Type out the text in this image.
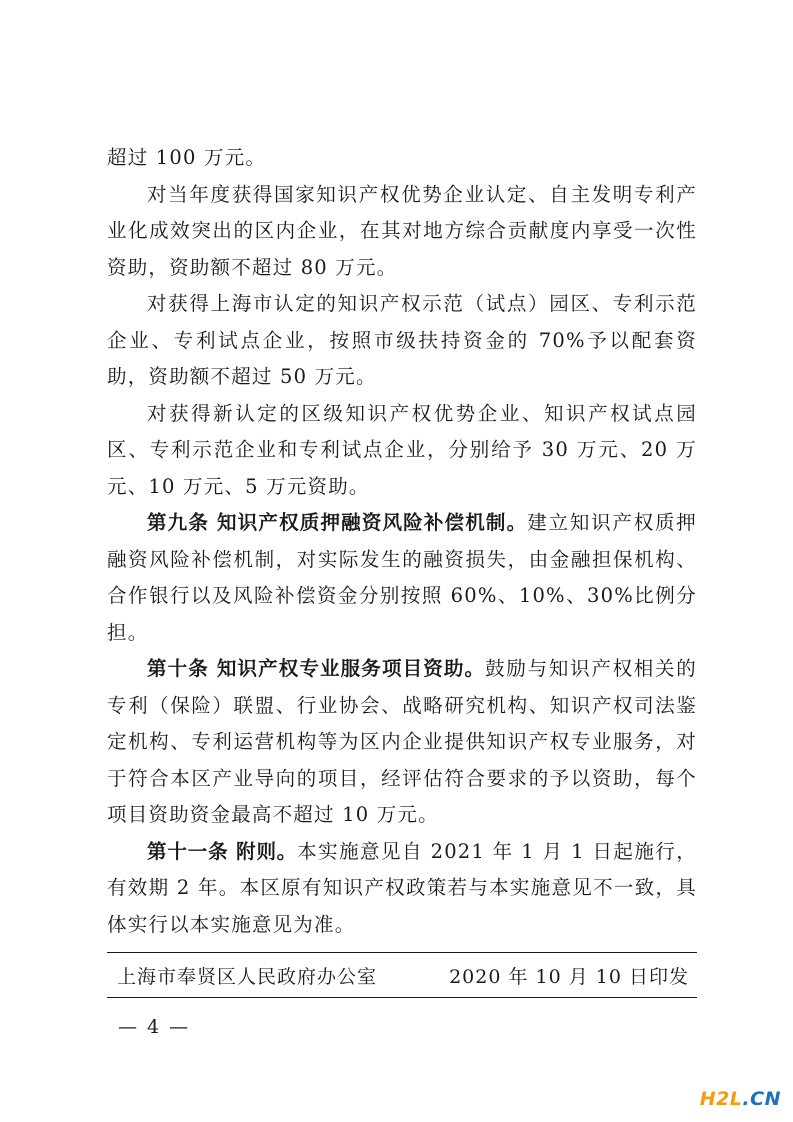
超过 100 万元。

对当年度获得国家知识产权优势企业认定、自主发明专利产业化成效突出的区内企业，在其对地方综合贡献度内享受一次性资助，资助额不超过 80 万元。

对获得上海市认定的知识产权示范（试点）园区、专利示范企业、专利试点企业，按照市级扶持资金的 70%予以配套资助，资助额不超过 50 万元。

对获得新认定的区级知识产权优势企业、知识产权试点园区、专利示范企业和专利试点企业，分别给予 30 万元、20 万元、10 万元、5 万元资助。

第九条 知识产权质押融资风险补偿机制。建立知识产权质押融资风险补偿机制，对实际发生的融资损失，由金融担保机构、合作银行以及风险补偿资金分别按照 60%、10%、30%比例分担。

第十条 知识产权专业服务项目资助。鼓励与知识产权相关的专利（保险）联盟、行业协会、战略研究机构、知识产权司法鉴定机构、专利运营机构等为区内企业提供知识产权专业服务，对于符合本区产业导向的项目，经评估符合要求的予以资助，每个项目资助资金最高不超过 10 万元。

第十一条 附则。本实施意见自 2021 年 1 月 1 日起施行，有效期 2 年。本区原有知识产权政策若与本实施意见不一致，具体实行以本实施意见为准。

上海市奉贤区人民政府办公室	2020 年 10 月 10 日印发
— 4 —
H2L.CN
